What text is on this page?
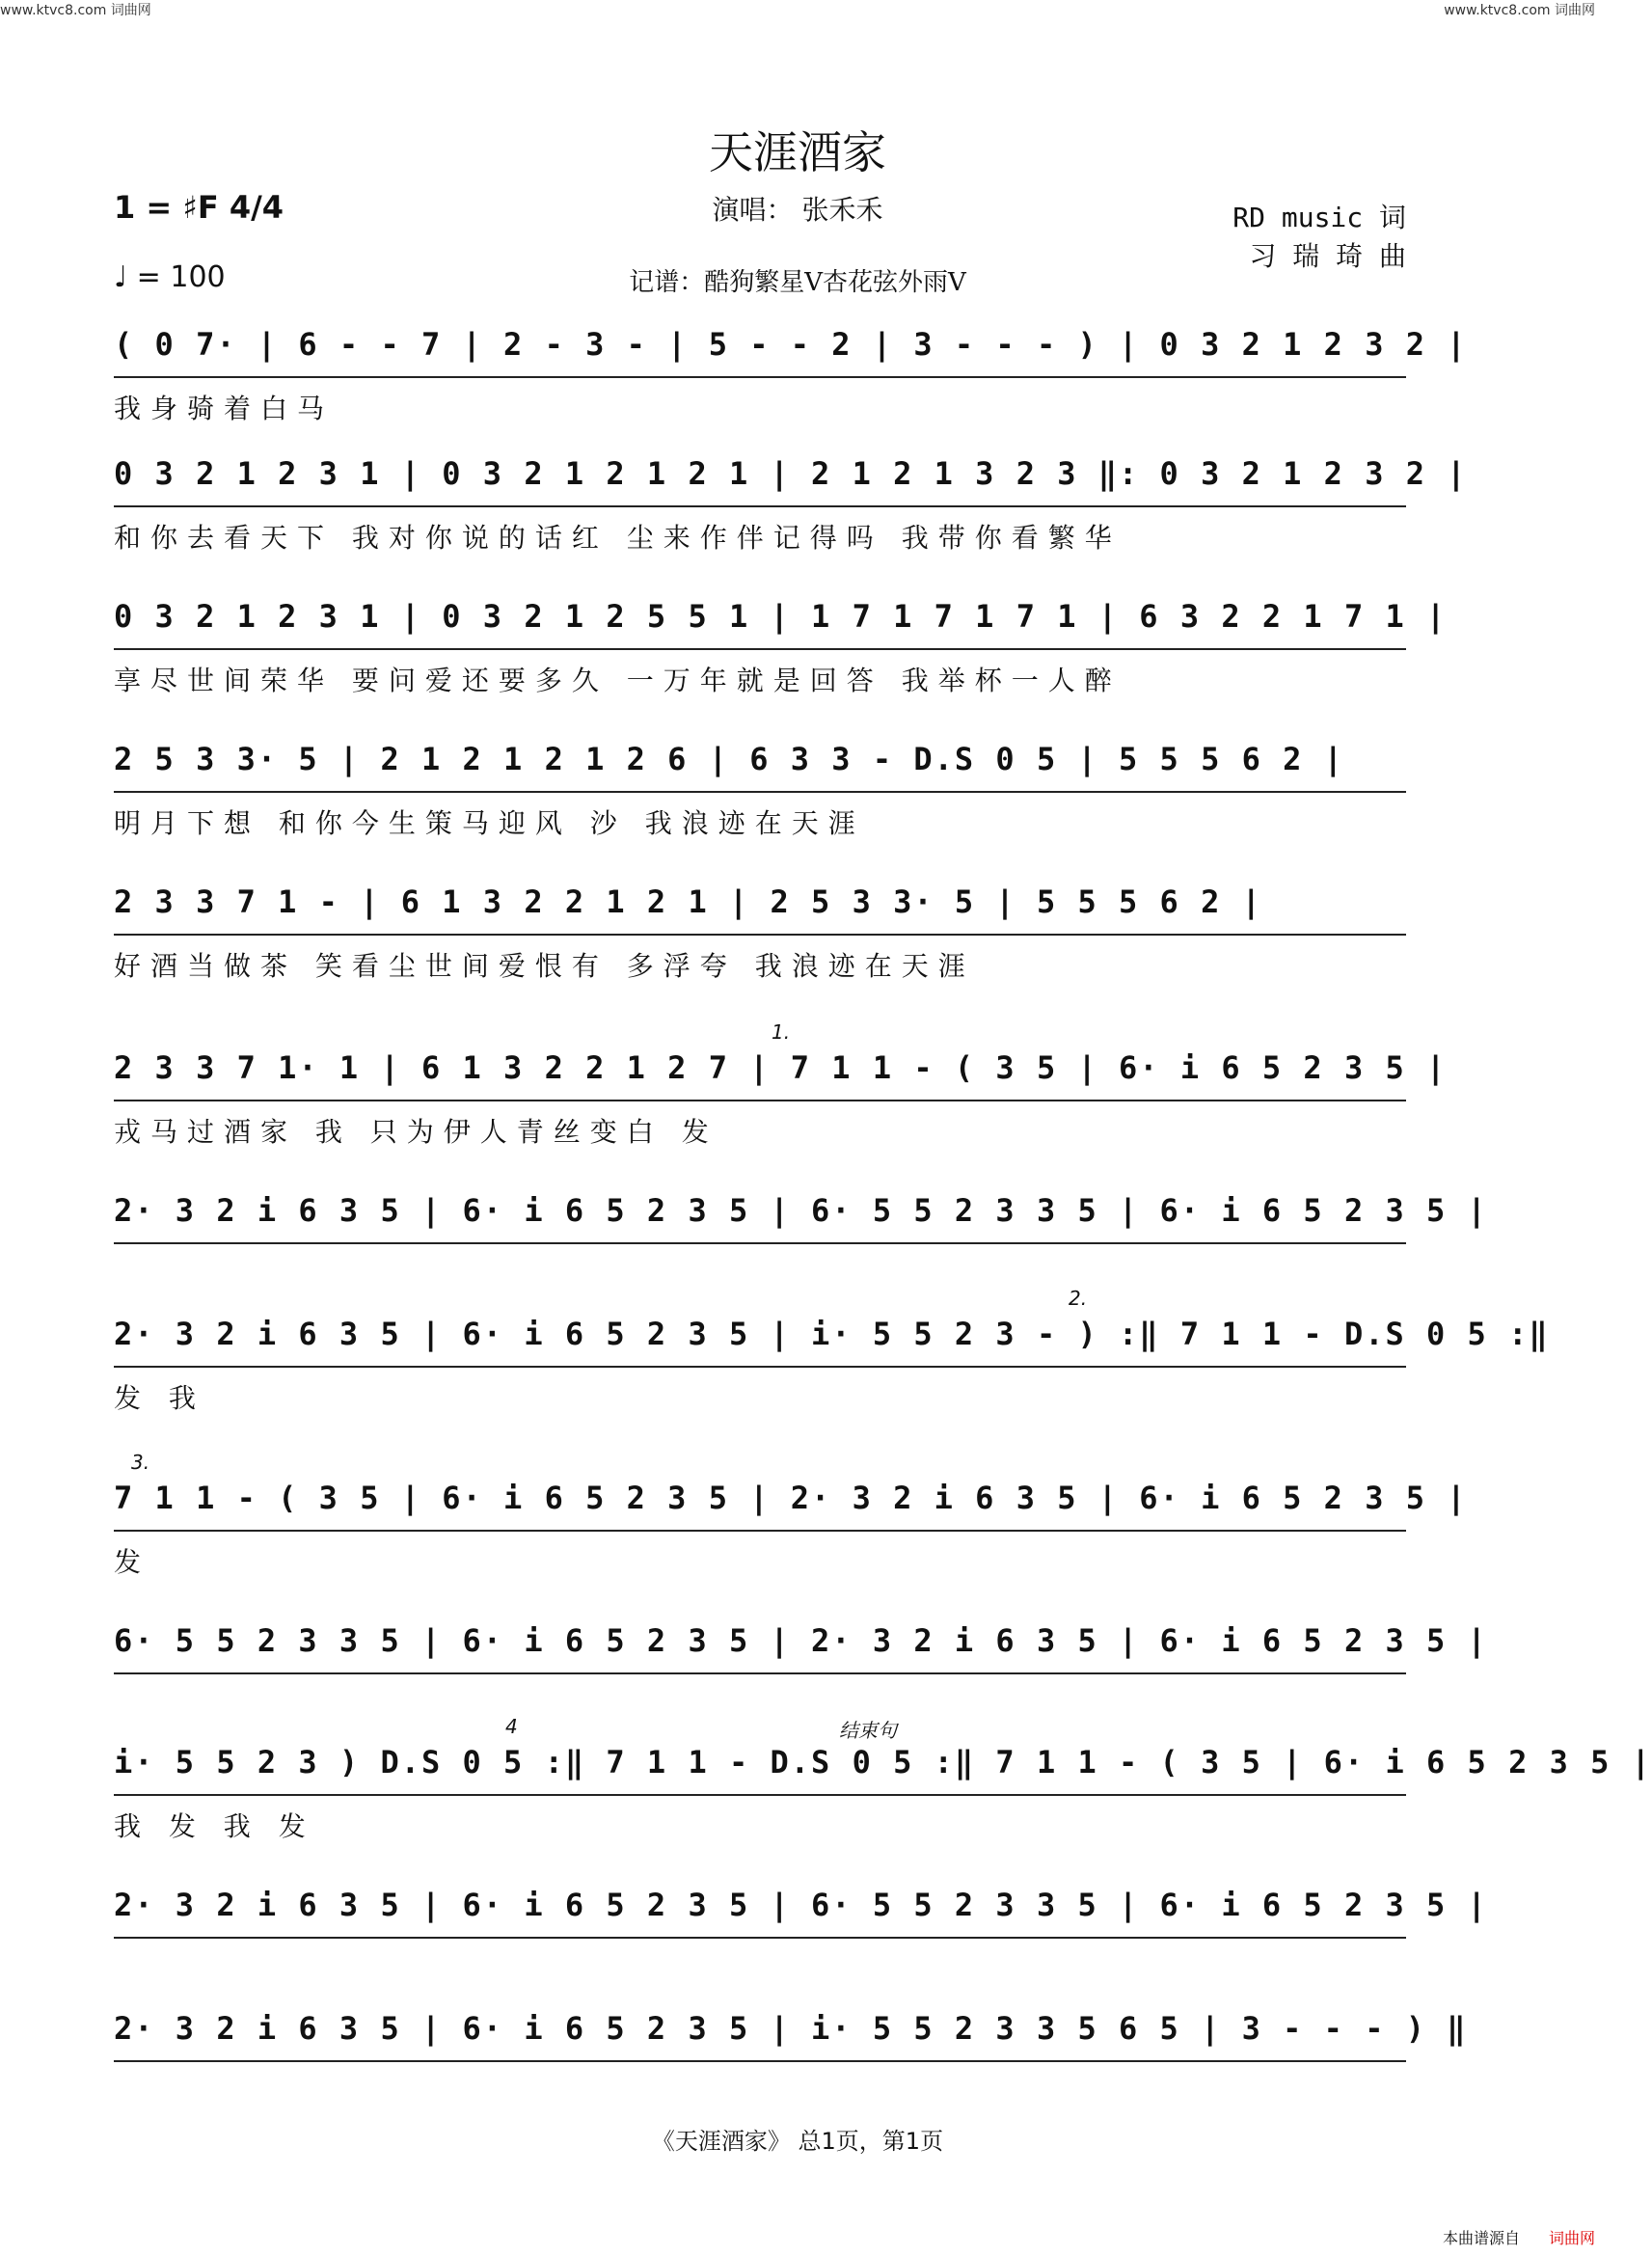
www.ktvc8.com 词曲网	www.ktvc8.com 词曲网
天涯酒家
演唱： 张禾禾
记谱：酷狗繁星V杏花弦外雨V
1 = ♯F 4/4
♩ = 100
RD music 词
习 瑞 琦 曲
( 0 7· | 6 - - 7 | 2 - 3 - | 5 - - 2 | 3 - - - ) | 0 3 2 1 2 3 2 |
我身骑着白马
0 3 2 1 2 3 1 | 0 3 2 1 2 1 2 1 | 2 1 2 1 3 2 3 ‖: 0 3 2 1 2 3 2 |
和你去看天下 我对你说的话红 尘来作伴记得吗 我带你看繁华
0 3 2 1 2 3 1 | 0 3 2 1 2 5 5 1 | 1 7 1 7 1 7 1 | 6 3 2 2 1 7 1 |
享尽世间荣华 要问爱还要多久 一万年就是回答 我举杯一人醉
2 5 3 3· 5 | 2 1 2 1 2 1 2 6 | 6 3 3 - D.S 0 5 | 5 5 5 6 2 |
明月下想 和你今生策马迎风 沙 我浪迹在天涯
2 3 3 7 1 - | 6 1 3 2 2 1 2 1 | 2 5 3 3· 5 | 5 5 5 6 2 |
好酒当做茶 笑看尘世间爱恨有 多浮夸 我浪迹在天涯
2 3 3 7 1· 1 | 6 1 3 2 2 1 2 7 | 7 1 1 - ( 3 5 | 6· i 6 5 2 3 5 |
戎马过酒家 我 只为伊人青丝变白 发
2· 3 2 i 6 3 5 | 6· i 6 5 2 3 5 | 6· 5 5 2 3 3 5 | 6· i 6 5 2 3 5 |
2· 3 2 i 6 3 5 | 6· i 6 5 2 3 5 | i· 5 5 2 3 - ) :‖ 7 1 1 - D.S 0 5 :‖
发 我
7 1 1 - ( 3 5 | 6· i 6 5 2 3 5 | 2· 3 2 i 6 3 5 | 6· i 6 5 2 3 5 |
发
6· 5 5 2 3 3 5 | 6· i 6 5 2 3 5 | 2· 3 2 i 6 3 5 | 6· i 6 5 2 3 5 |
i· 5 5 2 3 ) D.S 0 5 :‖ 7 1 1 - D.S 0 5 :‖ 7 1 1 - ( 3 5 | 6· i 6 5 2 3 5 |
我 发 我 发
2· 3 2 i 6 3 5 | 6· i 6 5 2 3 5 | 6· 5 5 2 3 3 5 | 6· i 6 5 2 3 5 |
2· 3 2 i 6 3 5 | 6· i 6 5 2 3 5 | i· 5 5 2 3 3 5 6 5 | 3 - - - ) ‖
1.
2.
3.
4	结束句
《天涯酒家》 总1页，第1页
本曲谱源自 词曲网
